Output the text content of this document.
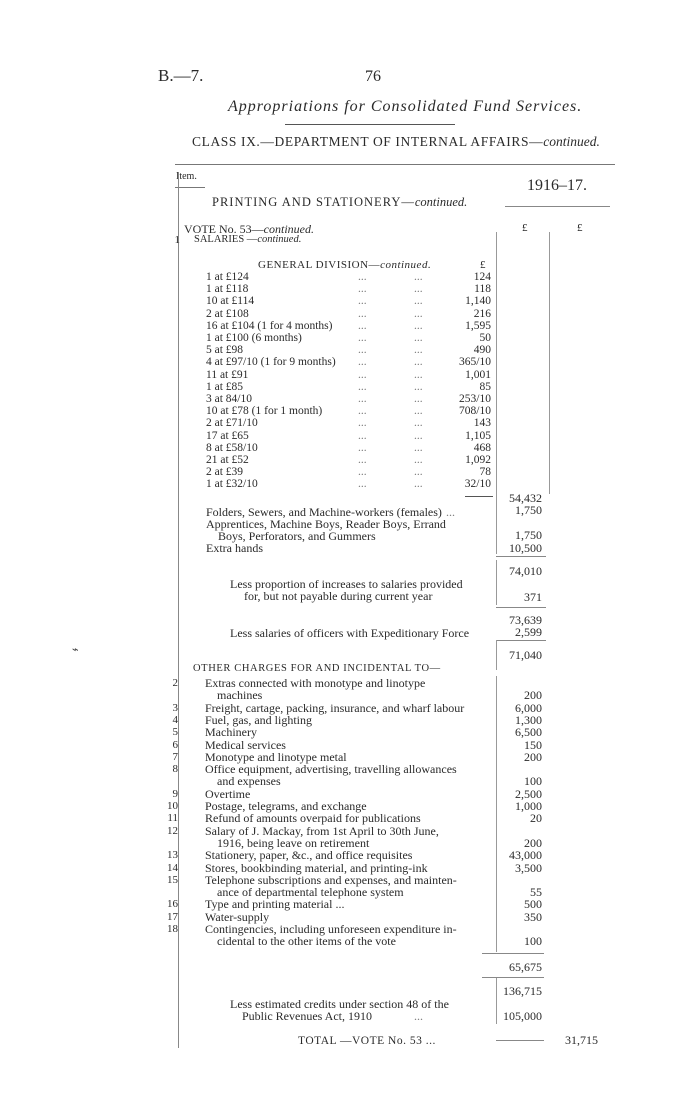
B.—7.	76
Appropriations for Consolidated Fund Services.
CLASS IX.—DEPARTMENT OF INTERNAL AFFAIRS—continued.
Item.
1916–17.
PRINTING AND STATIONERY—continued.
VOTE No. 53—continued.
SALARIES —continued.
1
£	£
GENERAL DIVISION—continued.	£
1 at £124	...	...	124
1 at £118	...	...	118
10 at £114	...	...	1,140
2 at £108	...	...	216
16 at £104 (1 for 4 months) ...	...	1,595
1 at £100 (6 months)	...	...	50
5 at £98	...	...	490
4 at £97/10 (1 for 9 months) ...	...	365/10
11 at £91	...	...	1,001
1 at £85	...	...	85
3 at 84/10	...	...	253/10
10 at £78 (1 for 1 month)	...	...	708/10
2 at £71/10	...	...	143
17 at £65	...	...	1,105
8 at £58/10	...	...	468
21 at £52	...	...	1,092
2 at £39	...	...	78
1 at £32/10	...	...	32/10
54,432
Folders, Sewers, and Machine-workers (females) ...	1,750
Apprentices, Machine Boys, Reader Boys, Errand
Boys, Perforators, and Gummers	1,750
Extra hands	10,500
74,010
Less proportion of increases to salaries provided
for, but not payable during current year	371
73,639
Less salaries of officers with Expeditionary Force	2,599
71,040
OTHER CHARGES FOR AND INCIDENTAL TO—
2 Extras connected with monotype and linotype
machines	200
3 Freight, cartage, packing, insurance, and wharf labour	6,000
4 Fuel, gas, and lighting	1,300
5 Machinery	6,500
6 Medical services	150
7 Monotype and linotype metal	200
8 Office equipment, advertising, travelling allowances
and expenses	100
9 Overtime	2,500
10 Postage, telegrams, and exchange	1,000
11 Refund of amounts overpaid for publications	20
12 Salary of J. Mackay, from 1st April to 30th June,
1916, being leave on retirement	200
13 Stationery, paper, &c., and office requisites	43,000
14 Stores, bookbinding material, and printing-ink	3,500
15 Telephone subscriptions and expenses, and mainten-
ance of departmental telephone system	55
16 Type and printing material ...	500
17 Water-supply	350
18 Contingencies, including unforeseen expenditure in-
cidental to the other items of the vote	100
65,675
136,715
Less estimated credits under section 48 of the
Public Revenues Act, 1910	...	105,000
TOTAL —VOTE No. 53 ...	31,715
⌁
